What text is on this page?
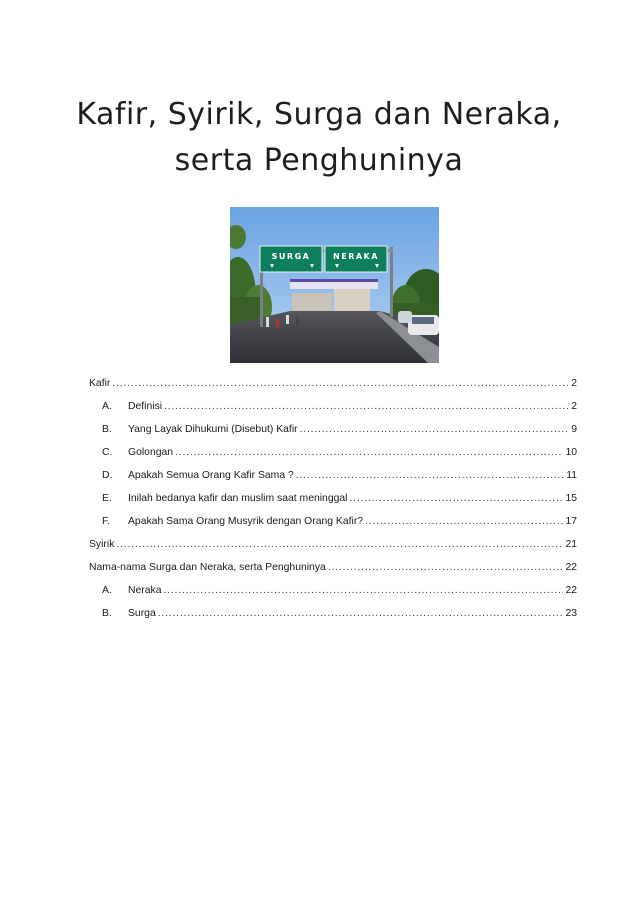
Kafir, Syirik, Surga dan Neraka,
serta Penghuninya
SURGA	NERAKA
Kafir .....	2
A.	Definisi .....	2
B.	Yang Layak Dihukumi (Disebut) Kafir .....	9
C.	Golongan .....	10
D.	Apakah Semua Orang Kafir Sama ? .....	11
E.	Inilah bedanya kafir dan muslim saat meninggal .....	15
F.	Apakah Sama Orang Musyrik dengan Orang Kafir? .....	17
Syirik .....	21
Nama-nama Surga dan Neraka, serta Penghuninya .....	22
A.	Neraka .....	22
B.	Surga .....	23
